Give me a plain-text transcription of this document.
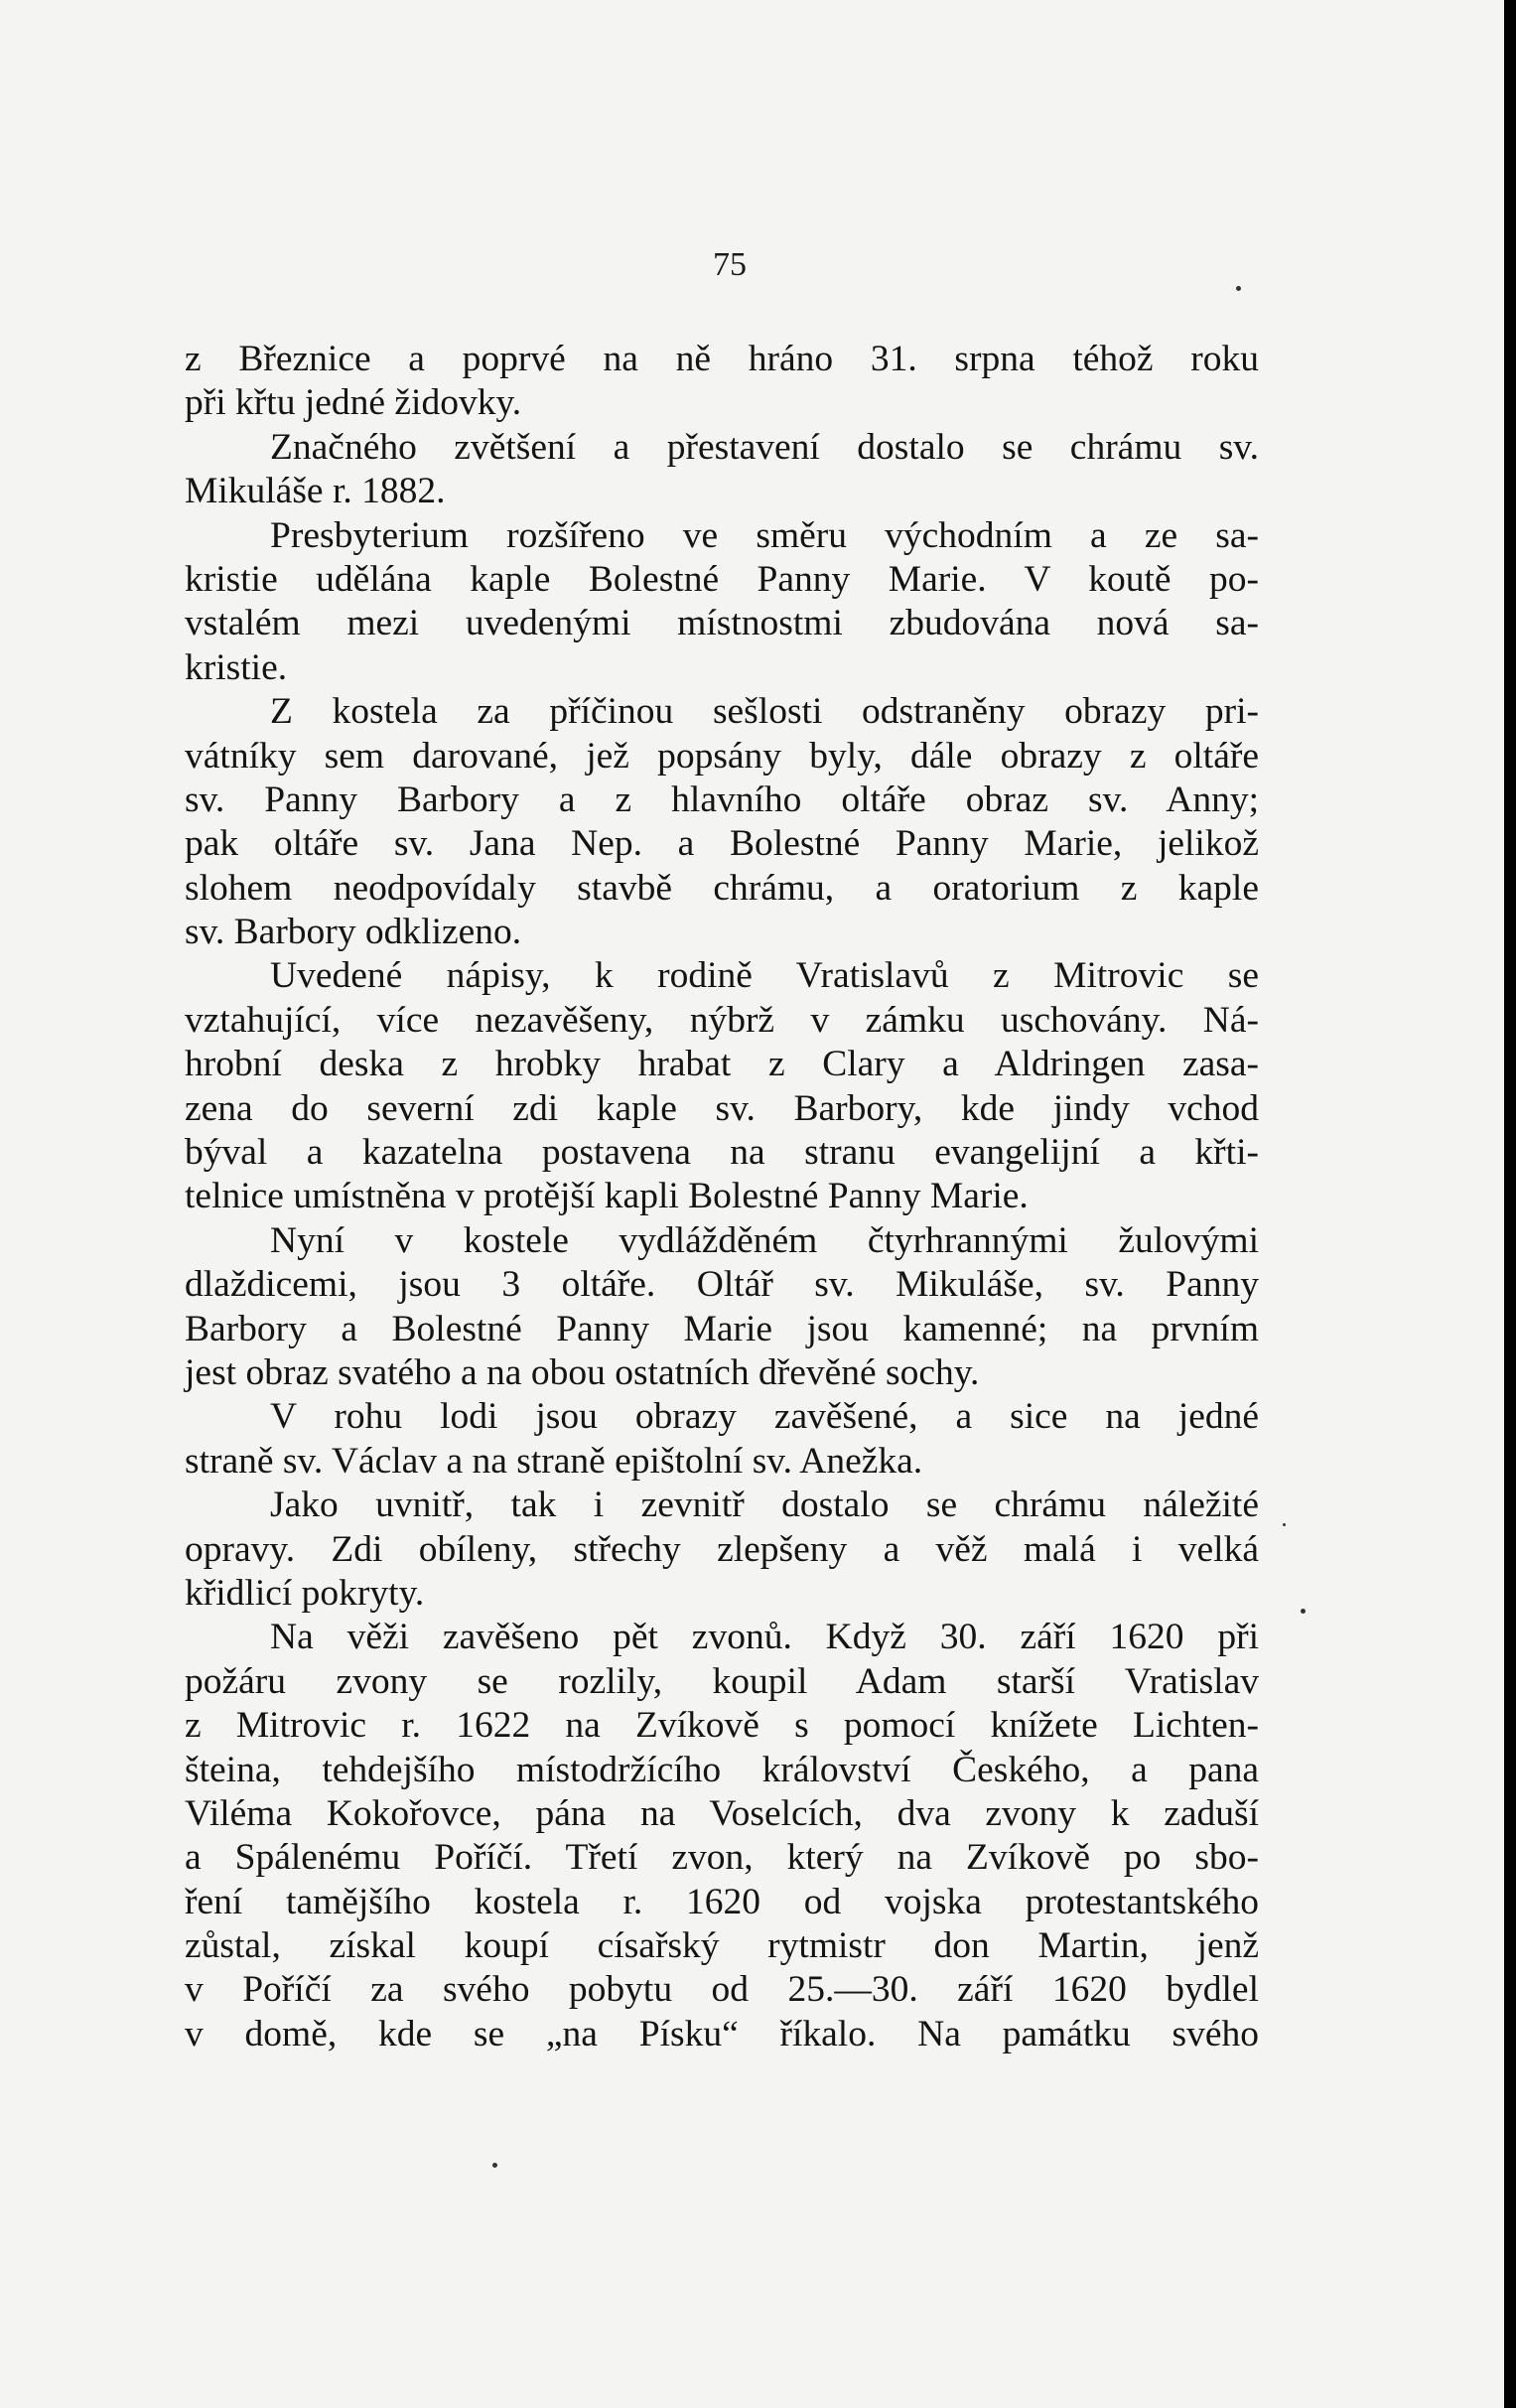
75
z Březnice a poprvé na ně hráno 31. srpna téhož roku
při křtu jedné židovky.
Značného zvětšení a přestavení dostalo se chrámu sv.
Mikuláše r. 1882.
Presbyterium rozšířeno ve směru východním a ze sa-
kristie udělána kaple Bolestné Panny Marie. V koutě po-
vstalém mezi uvedenými místnostmi zbudována nová sa-
kristie.
Z kostela za příčinou sešlosti odstraněny obrazy pri-
vátníky sem darované, jež popsány byly, dále obrazy z oltáře
sv. Panny Barbory a z hlavního oltáře obraz sv. Anny;
pak oltáře sv. Jana Nep. a Bolestné Panny Marie, jelikož
slohem neodpovídaly stavbě chrámu, a oratorium z kaple
sv. Barbory odklizeno.
Uvedené nápisy, k rodině Vratislavů z Mitrovic se
vztahující, více nezavěšeny, nýbrž v zámku uschovány. Ná-
hrobní deska z hrobky hrabat z Clary a Aldringen zasa-
zena do severní zdi kaple sv. Barbory, kde jindy vchod
býval a kazatelna postavena na stranu evangelijní a křti-
telnice umístněna v protější kapli Bolestné Panny Marie.
Nyní v kostele vydlážděném čtyrhrannými žulovými
dlaždicemi, jsou 3 oltáře. Oltář sv. Mikuláše, sv. Panny
Barbory a Bolestné Panny Marie jsou kamenné; na prvním
jest obraz svatého a na obou ostatních dřevěné sochy.
V rohu lodi jsou obrazy zavěšené, a sice na jedné
straně sv. Václav a na straně epištolní sv. Anežka.
Jako uvnitř, tak i zevnitř dostalo se chrámu náležité
opravy. Zdi obíleny, střechy zlepšeny a věž malá i velká
křidlicí pokryty.
Na věži zavěšeno pět zvonů. Když 30. září 1620 při
požáru zvony se rozlily, koupil Adam starší Vratislav
z Mitrovic r. 1622 na Zvíkově s pomocí knížete Lichten-
šteina, tehdejšího místodržícího království Českého, a pana
Viléma Kokořovce, pána na Voselcích, dva zvony k zaduší
a Spálenému Poříčí. Třetí zvon, který na Zvíkově po sbo-
ření tamějšího kostela r. 1620 od vojska protestantského
zůstal, získal koupí císařský rytmistr don Martin, jenž
v Poříčí za svého pobytu od 25.—30. září 1620 bydlel
v domě, kde se „na Písku“ říkalo. Na památku svého
